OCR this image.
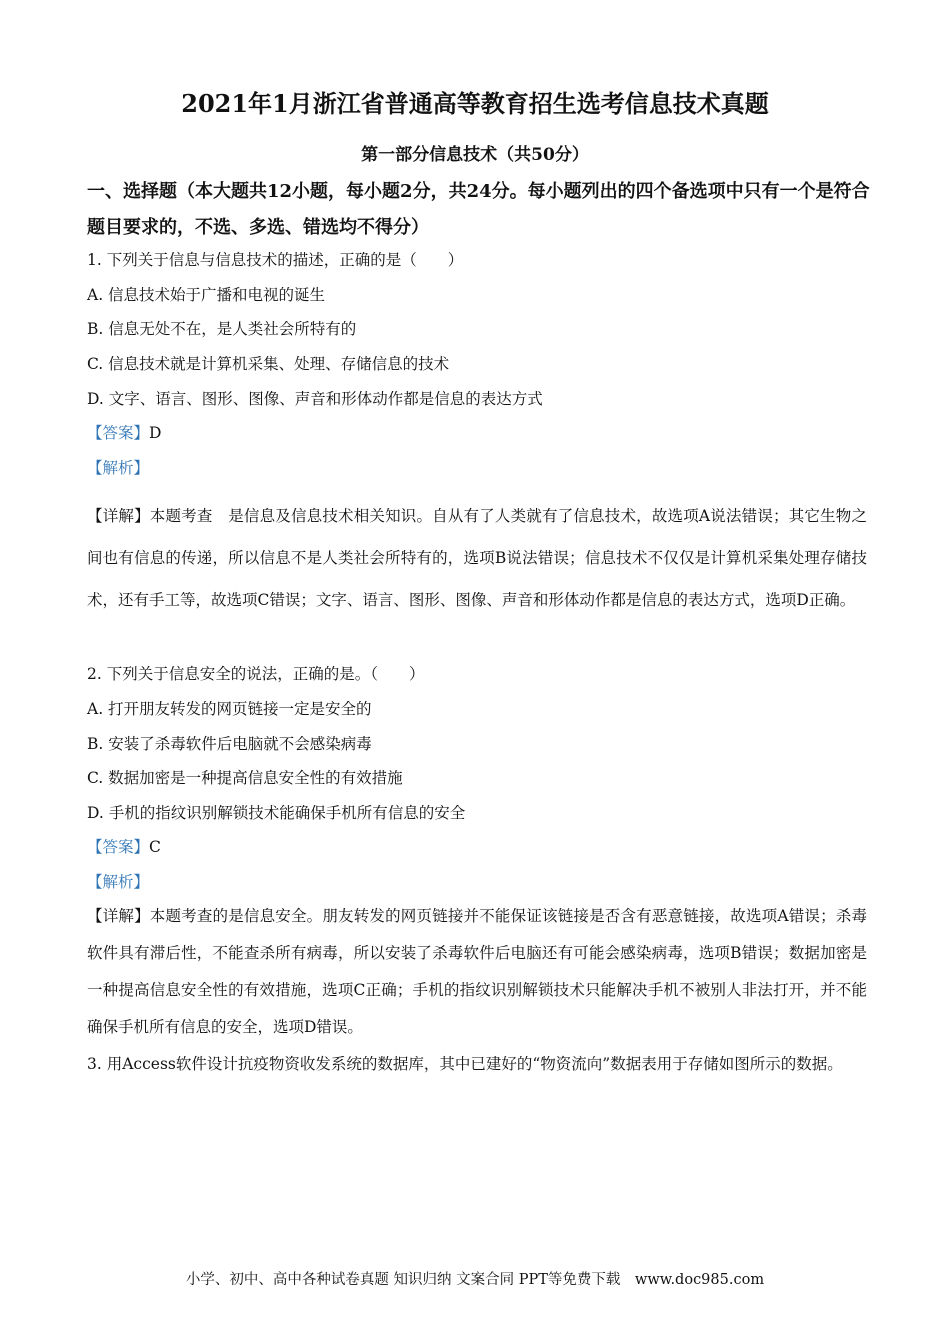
2021年1月浙江省普通高等教育招生选考信息技术真题
第一部分信息技术（共50分）
一、选择题（本大题共12小题，每小题2分，共24分。每小题列出的四个备选项中只有一个是符合题目要求的，不选、多选、错选均不得分）
1. 下列关于信息与信息技术的描述，正确的是（　　）
A. 信息技术始于广播和电视的诞生
B. 信息无处不在，是人类社会所特有的
C. 信息技术就是计算机采集、处理、存储信息的技术
D. 文字、语言、图形、图像、声音和形体动作都是信息的表达方式
【答案】D
【解析】
【详解】本题考查　是信息及信息技术相关知识。自从有了人类就有了信息技术，故选项A说法错误；其它生物之间也有信息的传递，所以信息不是人类社会所特有的，选项B说法错误；信息技术不仅仅是计算机采集处理存储技术，还有手工等，故选项C错误；文字、语言、图形、图像、声音和形体动作都是信息的表达方式，选项D正确。
2. 下列关于信息安全的说法，正确的是。（　　）
A. 打开朋友转发的网页链接一定是安全的
B. 安装了杀毒软件后电脑就不会感染病毒
C. 数据加密是一种提高信息安全性的有效措施
D. 手机的指纹识别解锁技术能确保手机所有信息的安全
【答案】C
【解析】
【详解】本题考查的是信息安全。朋友转发的网页链接并不能保证该链接是否含有恶意链接，故选项A错误；杀毒软件具有滞后性，不能查杀所有病毒，所以安装了杀毒软件后电脑还有可能会感染病毒，选项B错误；数据加密是一种提高信息安全性的有效措施，选项C正确；手机的指纹识别解锁技术只能解决手机不被别人非法打开，并不能确保手机所有信息的安全，选项D错误。
3. 用Access软件设计抗疫物资收发系统的数据库，其中已建好的“物资流向”数据表用于存储如图所示的数据。
小学、初中、高中各种试卷真题 知识归纳 文案合同 PPT等免费下载　www.doc985.com
